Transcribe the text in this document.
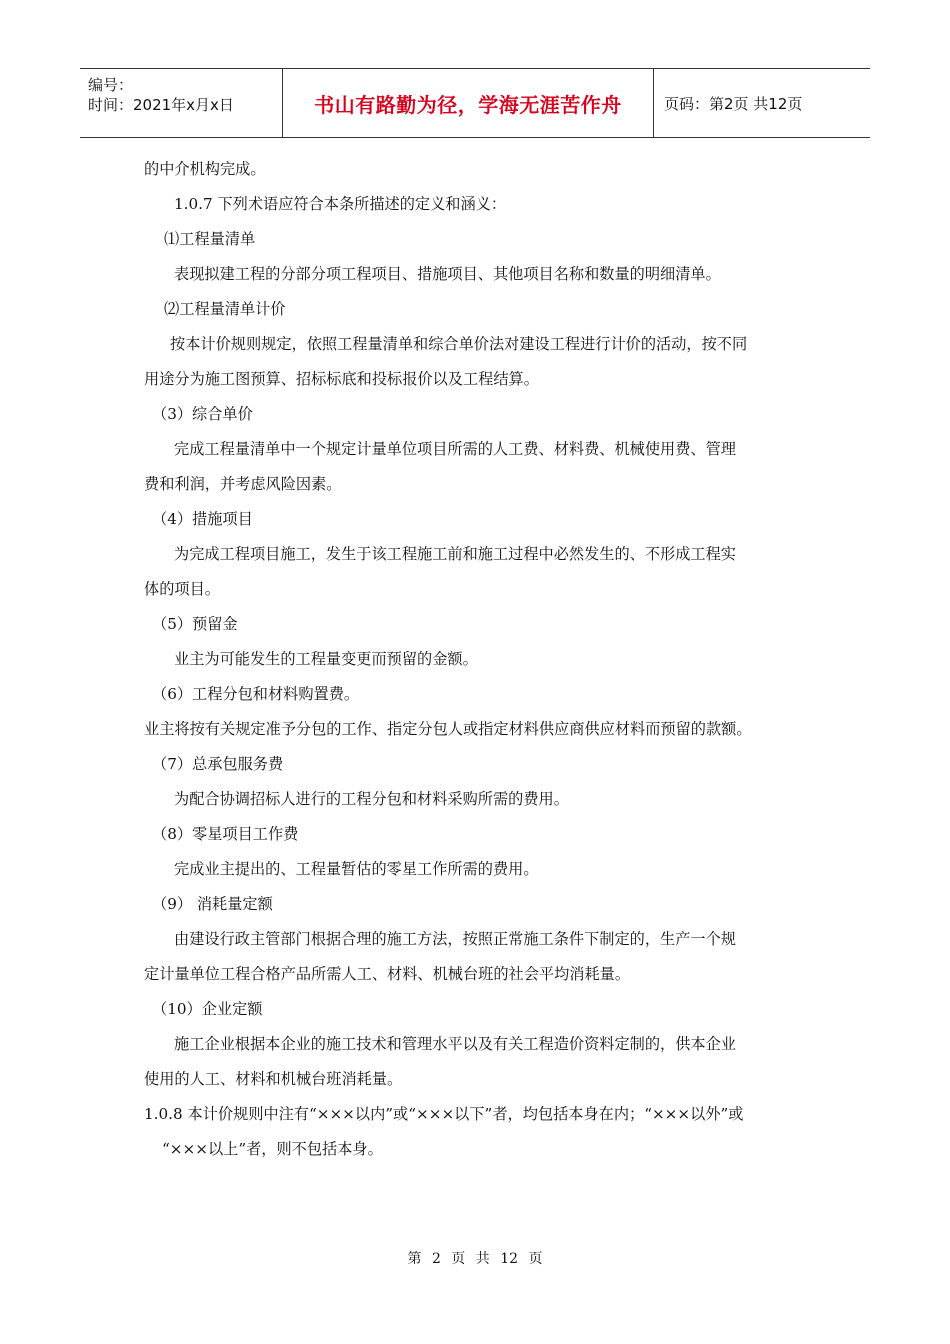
编号：
时间：2021年x月x日	书山有路勤为径，学海无涯苦作舟	页码：第2页 共12页
的中介机构完成。
1.0.7 下列术语应符合本条所描述的定义和涵义：
⑴工程量清单
表现拟建工程的分部分项工程项目、措施项目、其他项目名称和数量的明细清单。
⑵工程量清单计价
按本计价规则规定，依照工程量清单和综合单价法对建设工程进行计价的活动，按不同
用途分为施工图预算、招标标底和投标报价以及工程结算。
（3）综合单价
完成工程量清单中一个规定计量单位项目所需的人工费、材料费、机械使用费、管理
费和利润，并考虑风险因素。
（4）措施项目
为完成工程项目施工，发生于该工程施工前和施工过程中必然发生的、不形成工程实
体的项目。
（5）预留金
业主为可能发生的工程量变更而预留的金额。
（6）工程分包和材料购置费。
业主将按有关规定准予分包的工作、指定分包人或指定材料供应商供应材料而预留的款额。
（7）总承包服务费
为配合协调招标人进行的工程分包和材料采购所需的费用。
（8）零星项目工作费
完成业主提出的、工程量暂估的零星工作所需的费用。
（9） 消耗量定额
由建设行政主管部门根据合理的施工方法，按照正常施工条件下制定的，生产一个规
定计量单位工程合格产品所需人工、材料、机械台班的社会平均消耗量。
（10）企业定额
施工企业根据本企业的施工技术和管理水平以及有关工程造价资料定制的，供本企业
使用的人工、材料和机械台班消耗量。
1.0.8 本计价规则中注有“×××以内”或“×××以下”者，均包括本身在内；“×××以外”或
“×××以上”者，则不包括本身。
第 2 页 共 12 页
